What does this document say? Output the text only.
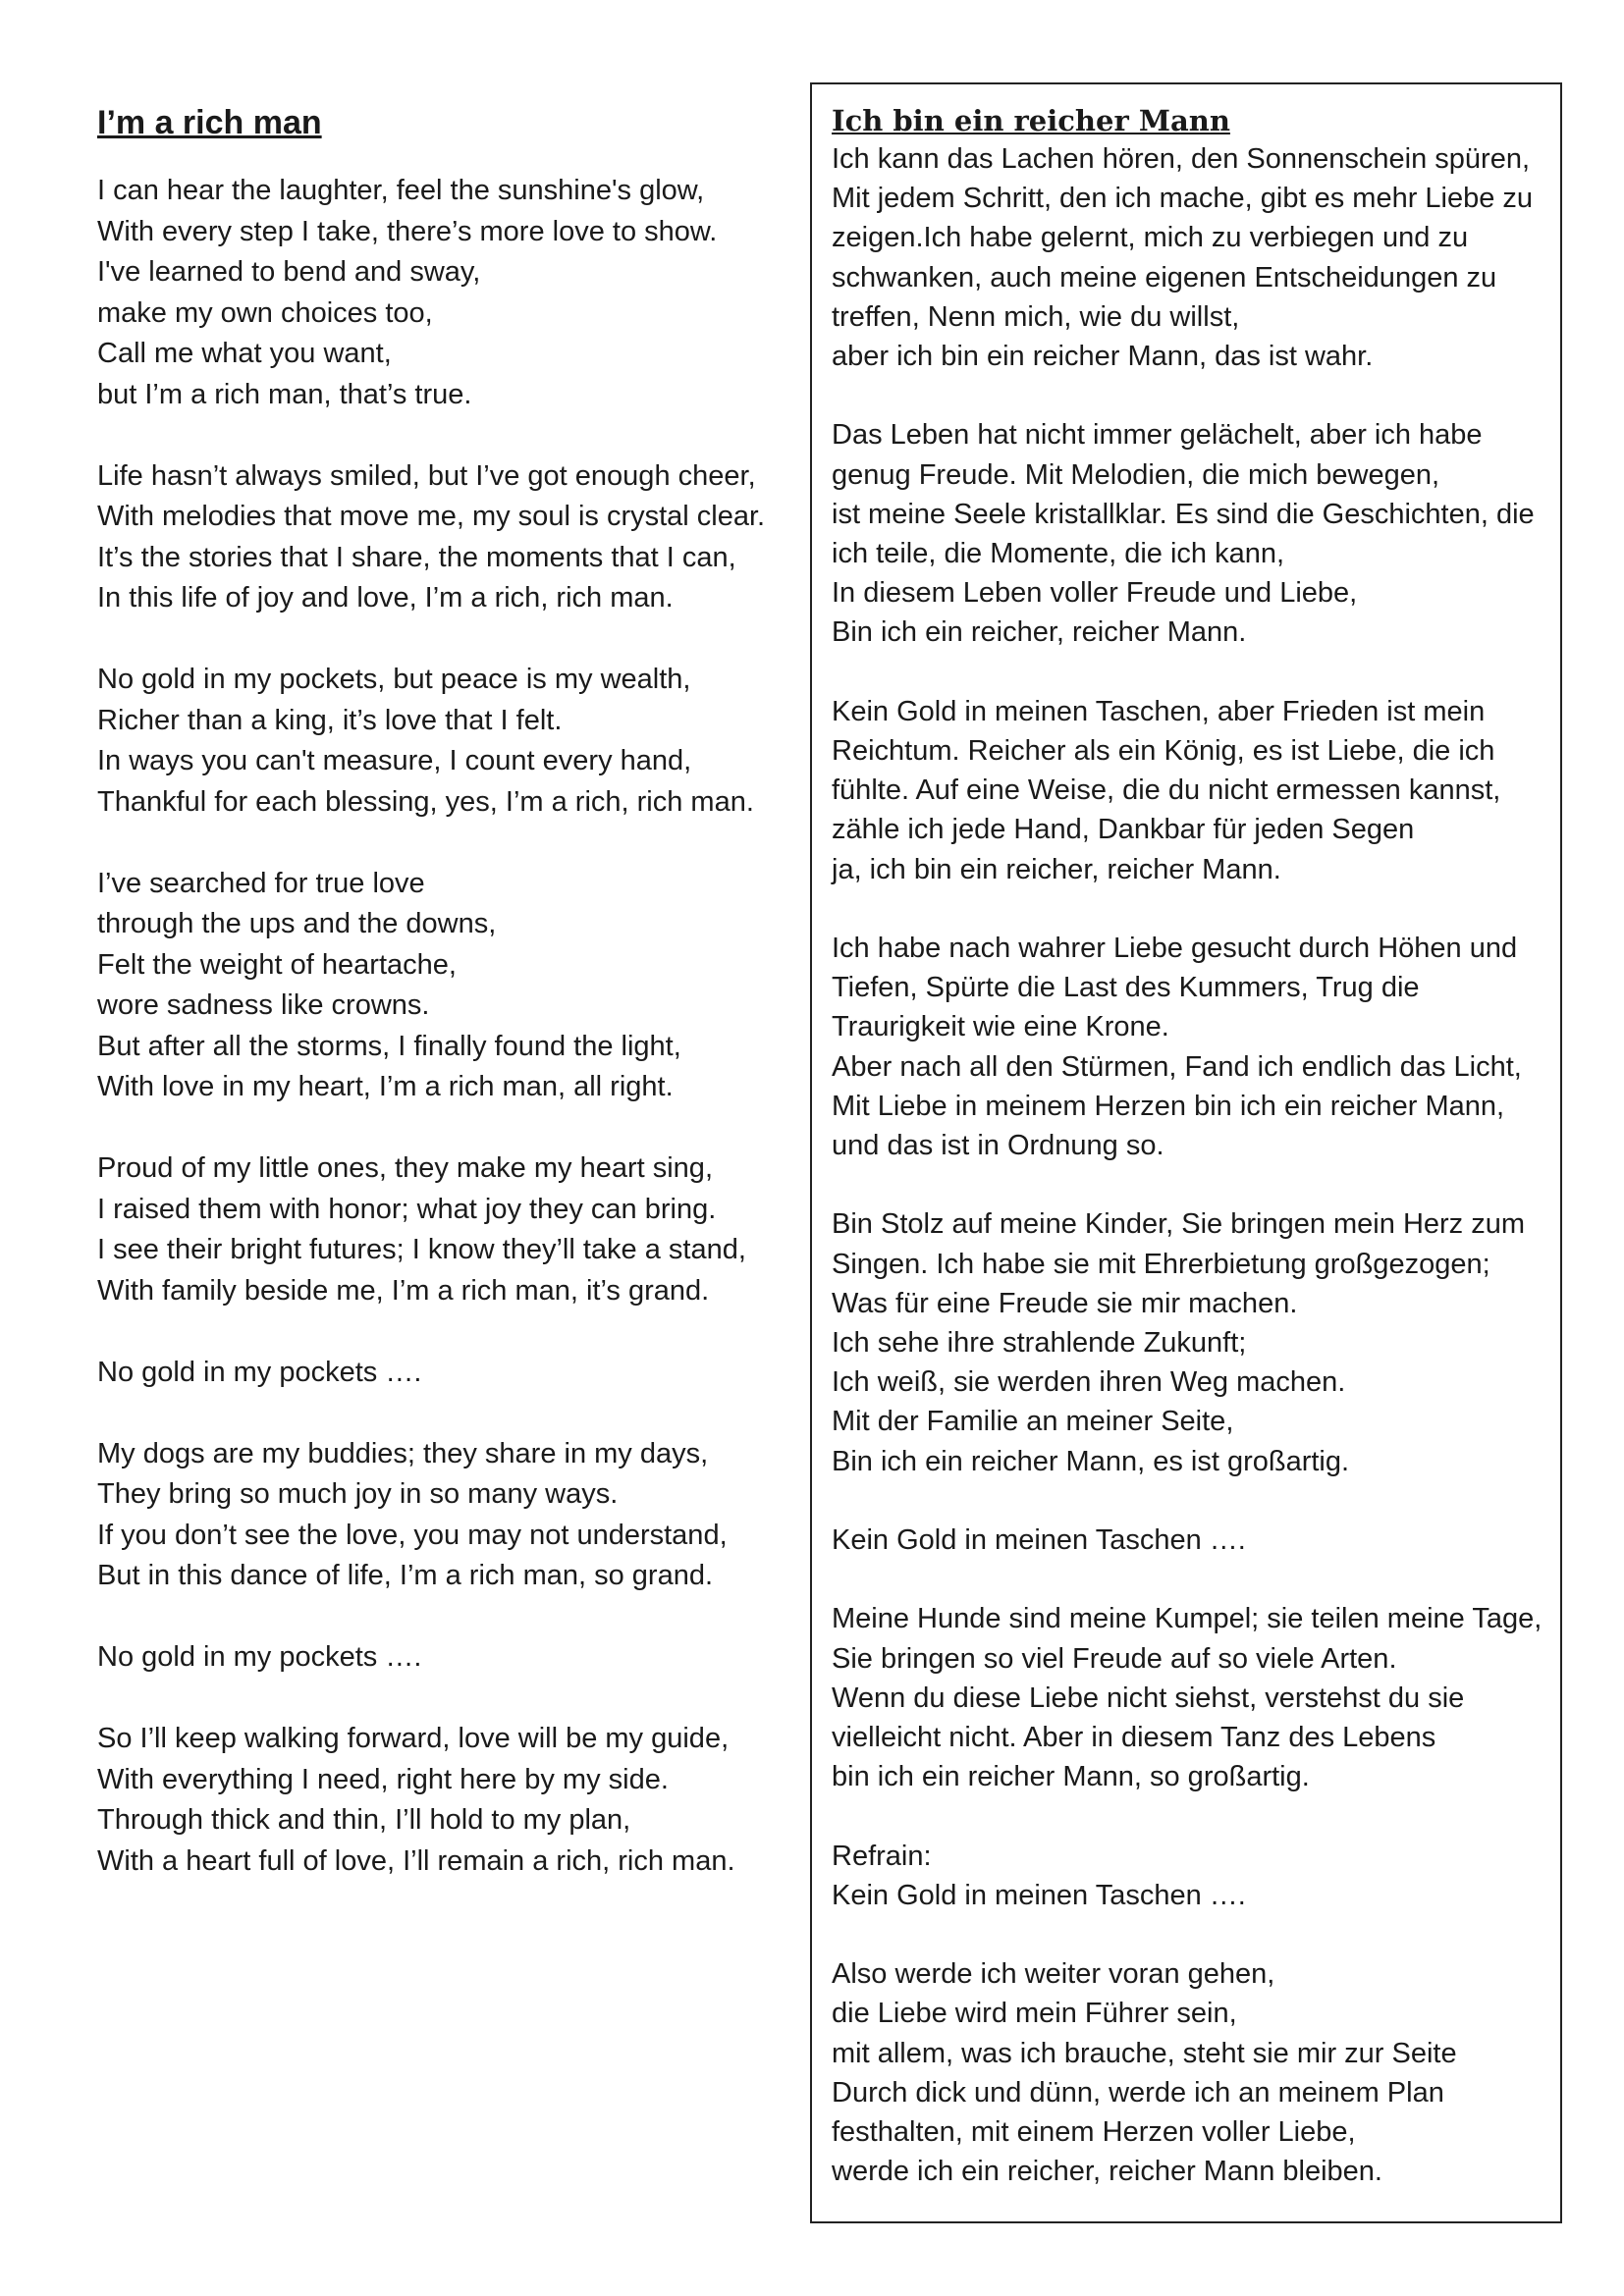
I’m a rich man
I can hear the laughter, feel the sunshine's glow,
With every step I take, there’s more love to show.
I've learned to bend and sway,
make my own choices too,
Call me what you want,
but I’m a rich man, that’s true.
Life hasn’t always smiled, but I’ve got enough cheer,
With melodies that move me, my soul is crystal clear.
It’s the stories that I share, the moments that I can,
In this life of joy and love, I’m a rich, rich man.
No gold in my pockets, but peace is my wealth,
Richer than a king, it’s love that I felt.
In ways you can't measure, I count every hand,
Thankful for each blessing, yes, I’m a rich, rich man.
I’ve searched for true love
through the ups and the downs,
Felt the weight of heartache,
wore sadness like crowns.
But after all the storms, I finally found the light,
With love in my heart, I’m a rich man, all right.
Proud of my little ones, they make my heart sing,
I raised them with honor; what joy they can bring.
I see their bright futures; I know they’ll take a stand,
With family beside me, I’m a rich man, it’s grand.
No gold in my pockets ….
My dogs are my buddies; they share in my days,
They bring so much joy in so many ways.
If you don’t see the love, you may not understand,
But in this dance of life, I’m a rich man, so grand.
No gold in my pockets ….
So I’ll keep walking forward, love will be my guide,
With everything I need, right here by my side.
Through thick and thin, I’ll hold to my plan,
With a heart full of love, I’ll remain a rich, rich man.
Ich bin ein reicher Mann
Ich kann das Lachen hören, den Sonnenschein spüren,
Mit jedem Schritt, den ich mache, gibt es mehr Liebe zu
zeigen.Ich habe gelernt, mich zu verbiegen und zu
schwanken, auch meine eigenen Entscheidungen zu
treffen, Nenn mich, wie du willst,
aber ich bin ein reicher Mann, das ist wahr.
Das Leben hat nicht immer gelächelt, aber ich habe
genug Freude. Mit Melodien, die mich bewegen,
ist meine Seele kristallklar. Es sind die Geschichten, die
ich teile, die Momente, die ich kann,
In diesem Leben voller Freude und Liebe,
Bin ich ein reicher, reicher Mann.
Kein Gold in meinen Taschen, aber Frieden ist mein
Reichtum. Reicher als ein König, es ist Liebe, die ich
fühlte. Auf eine Weise, die du nicht ermessen kannst,
zähle ich jede Hand, Dankbar für jeden Segen
ja, ich bin ein reicher, reicher Mann.
Ich habe nach wahrer Liebe gesucht durch Höhen und
Tiefen, Spürte die Last des Kummers, Trug die
Traurigkeit wie eine Krone.
Aber nach all den Stürmen, Fand ich endlich das Licht,
Mit Liebe in meinem Herzen bin ich ein reicher Mann,
und das ist in Ordnung so.
Bin Stolz auf meine Kinder, Sie bringen mein Herz zum
Singen. Ich habe sie mit Ehrerbietung großgezogen;
Was für eine Freude sie mir machen.
Ich sehe ihre strahlende Zukunft;
Ich weiß, sie werden ihren Weg machen.
Mit der Familie an meiner Seite,
Bin ich ein reicher Mann, es ist großartig.
Kein Gold in meinen Taschen ….
Meine Hunde sind meine Kumpel; sie teilen meine Tage,
Sie bringen so viel Freude auf so viele Arten.
Wenn du diese Liebe nicht siehst, verstehst du sie
vielleicht nicht. Aber in diesem Tanz des Lebens
bin ich ein reicher Mann, so großartig.
Refrain:
Kein Gold in meinen Taschen ….
Also werde ich weiter voran gehen,
die Liebe wird mein Führer sein,
mit allem, was ich brauche, steht sie mir zur Seite
Durch dick und dünn, werde ich an meinem Plan
festhalten, mit einem Herzen voller Liebe,
werde ich ein reicher, reicher Mann bleiben.
